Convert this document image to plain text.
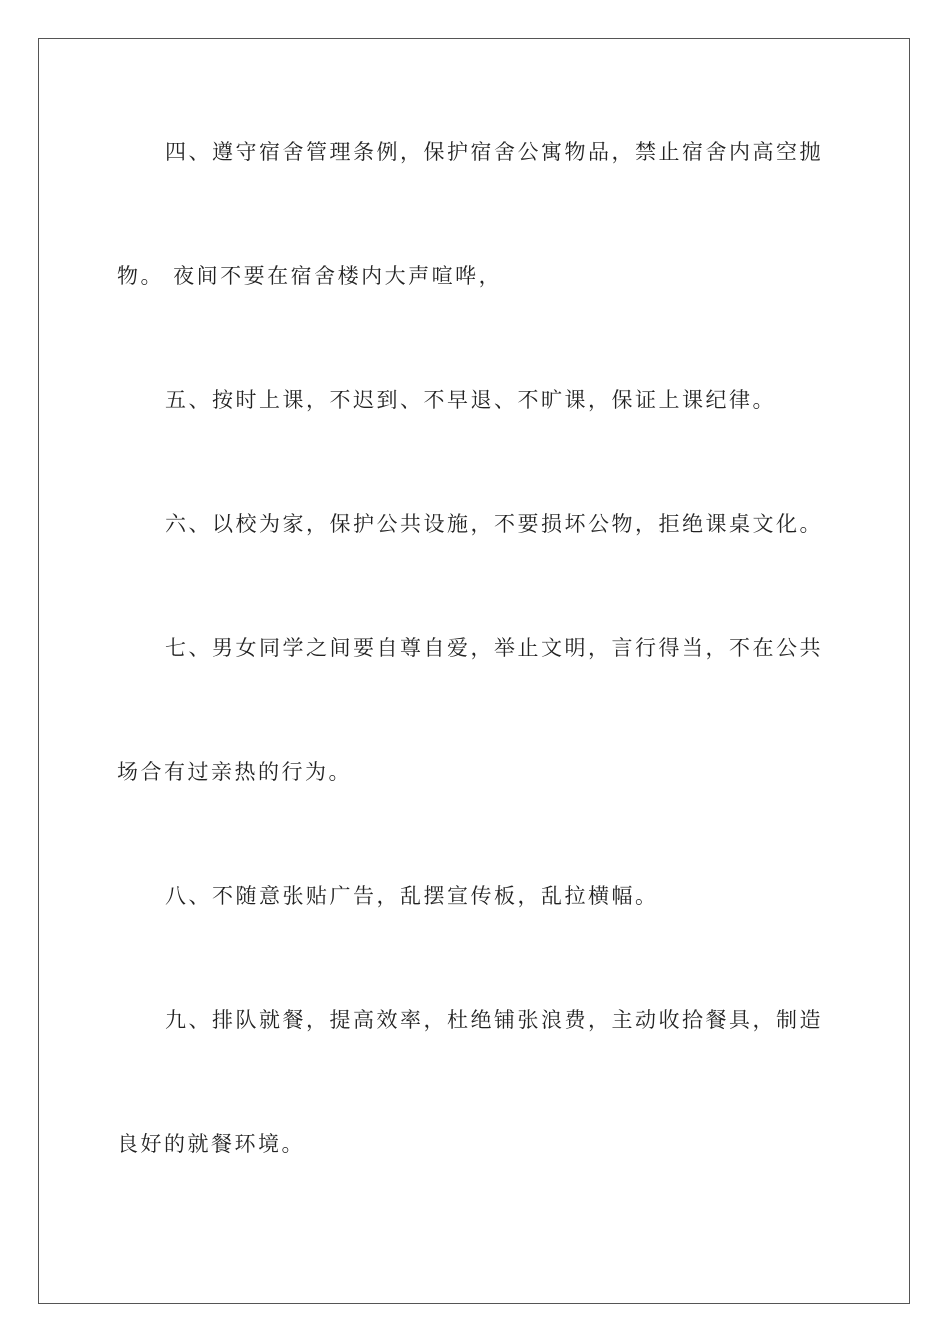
四、遵守宿舍管理条例，保护宿舍公寓物品，禁止宿舍内高空抛
物。 夜间不要在宿舍楼内大声喧哗，
五、按时上课，不迟到、不早退、不旷课，保证上课纪律。
六、以校为家，保护公共设施，不要损坏公物，拒绝课桌文化。
七、男女同学之间要自尊自爱，举止文明，言行得当，不在公共
场合有过亲热的行为。
八、不随意张贴广告，乱摆宣传板，乱拉横幅。
九、排队就餐，提高效率，杜绝铺张浪费，主动收拾餐具，制造
良好的就餐环境。
